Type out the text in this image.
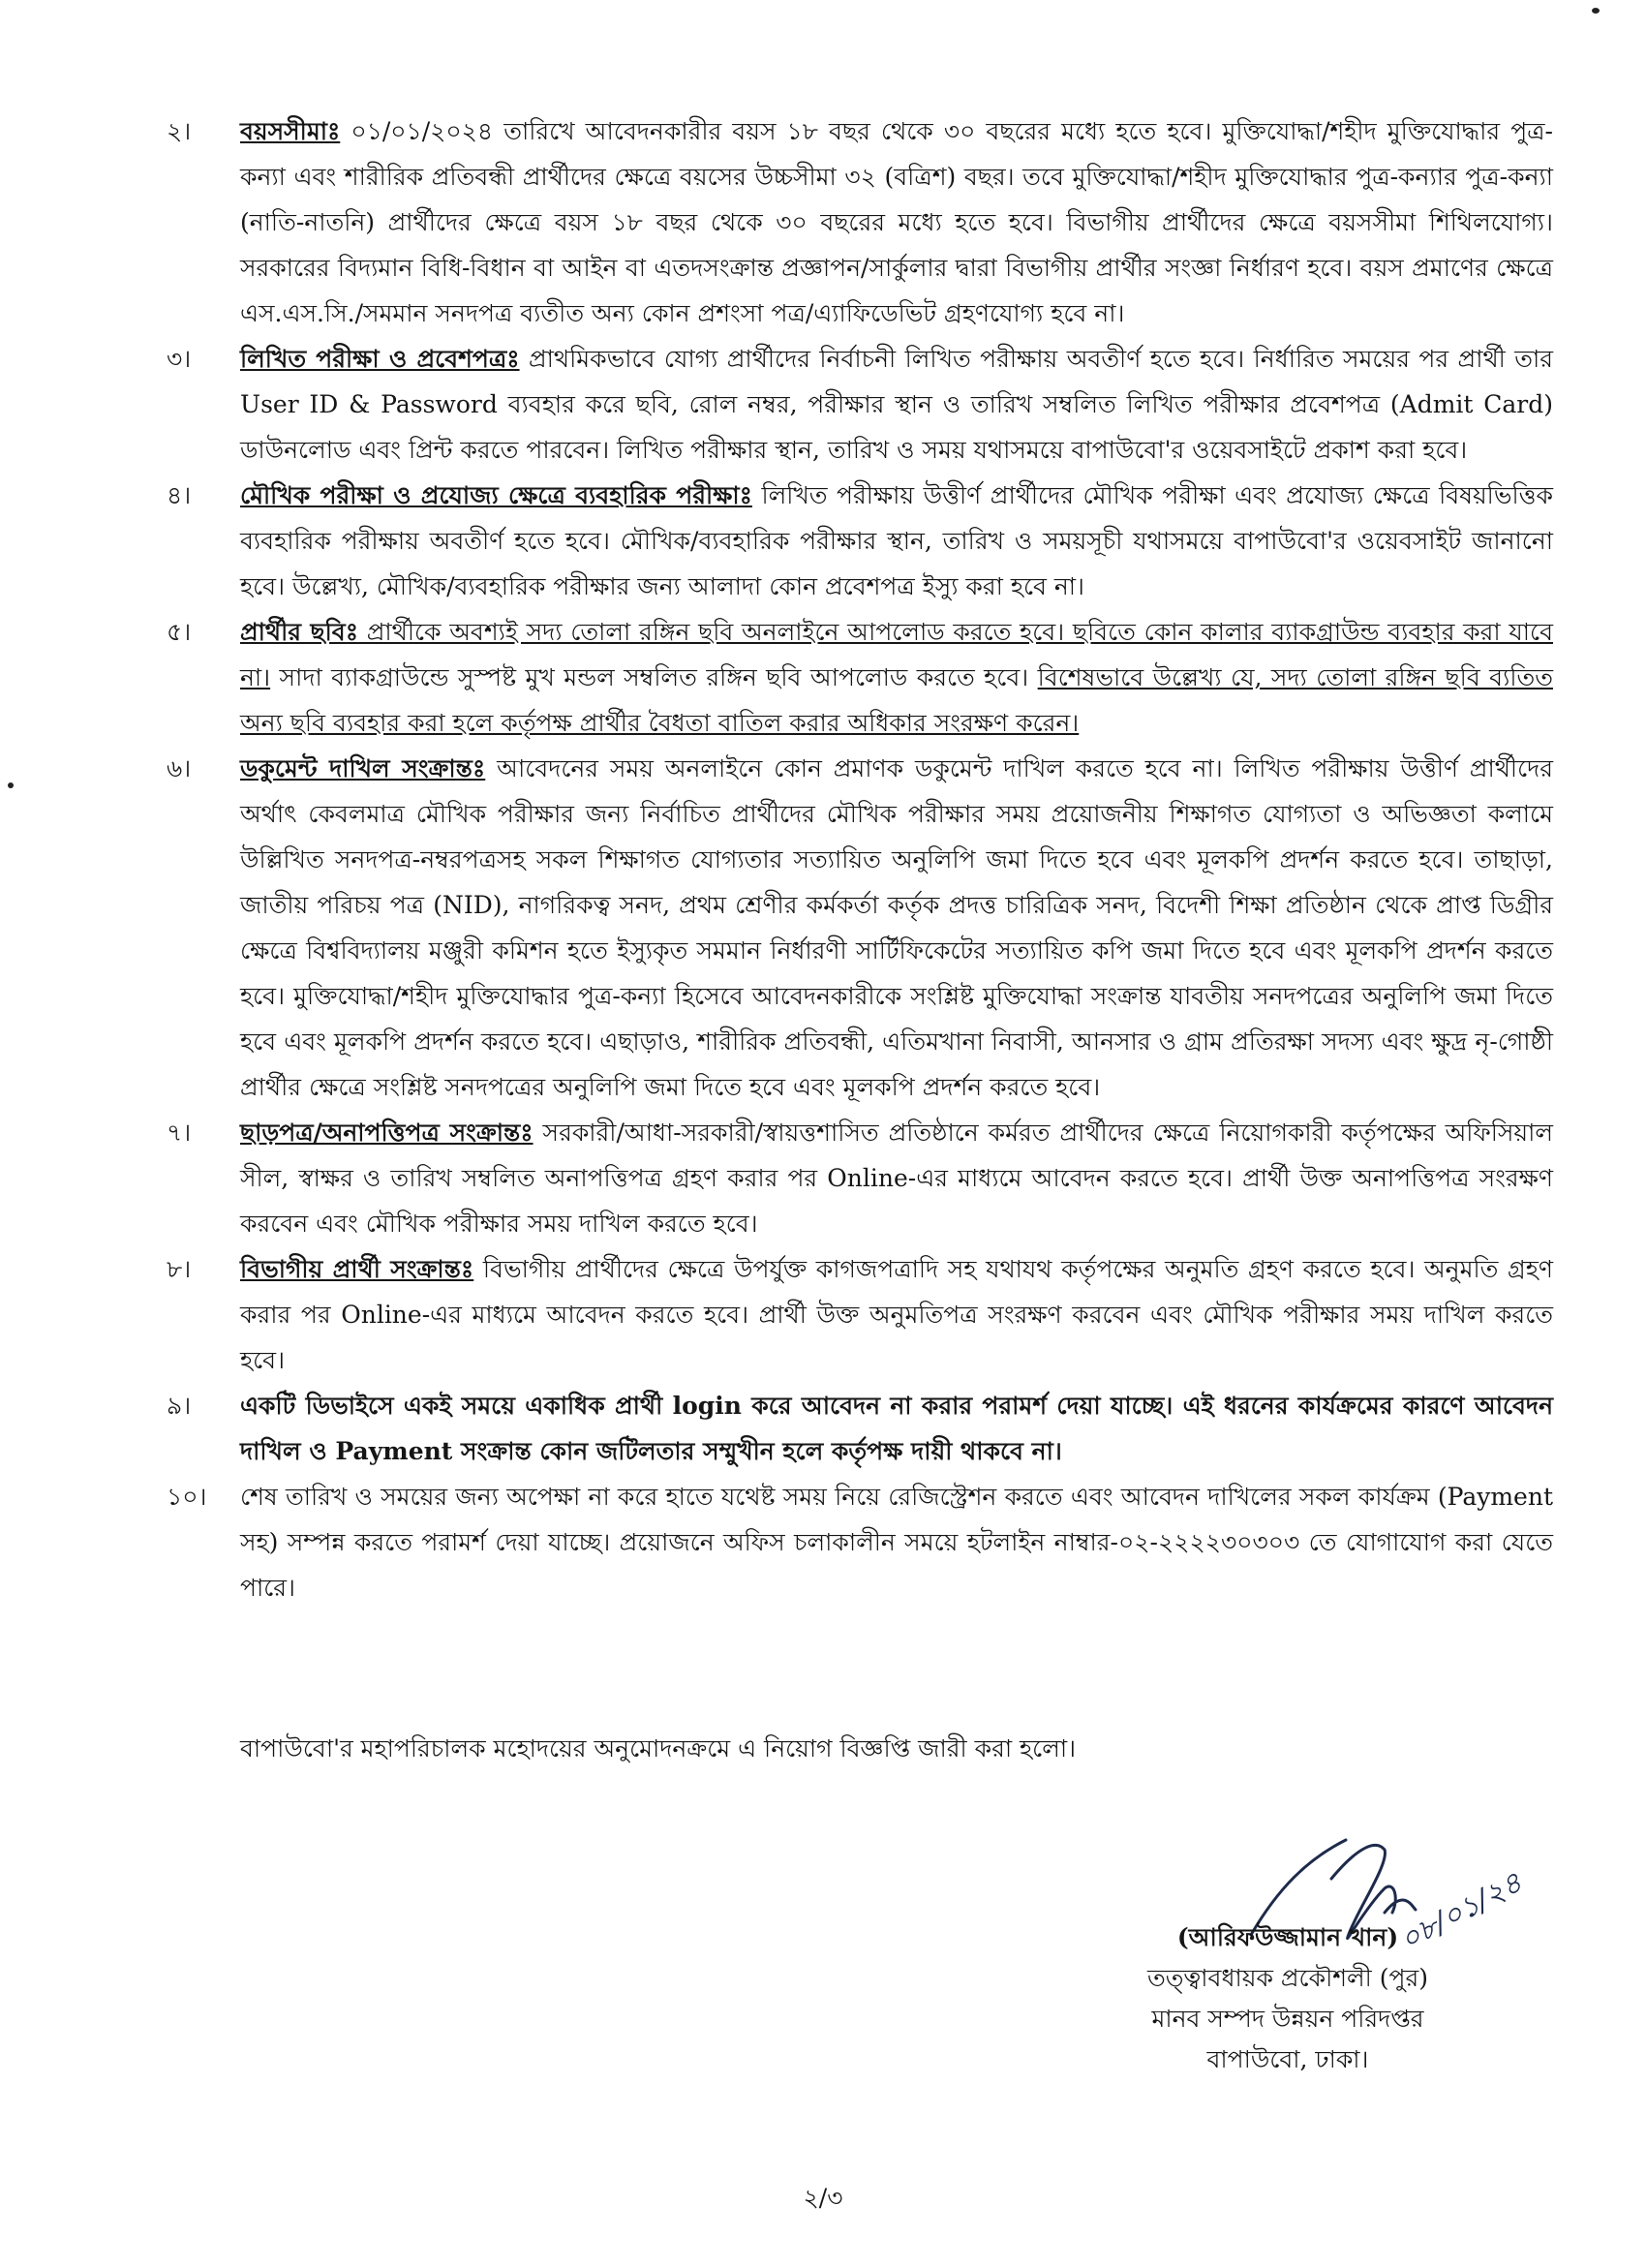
২।	বয়সসীমাঃ ০১/০১/২০২৪ তারিখে আবেদনকারীর বয়স ১৮ বছর থেকে ৩০ বছরের মধ্যে হতে হবে। মুক্তিযোদ্ধা/শহীদ মুক্তিযোদ্ধার পুত্র-কন্যা এবং শারীরিক প্রতিবন্ধী প্রার্থীদের ক্ষেত্রে বয়সের উচ্চসীমা ৩২ (বত্রিশ) বছর। তবে মুক্তিযোদ্ধা/শহীদ মুক্তিযোদ্ধার পুত্র-কন্যার পুত্র-কন্যা (নাতি-নাতনি) প্রার্থীদের ক্ষেত্রে বয়স ১৮ বছর থেকে ৩০ বছরের মধ্যে হতে হবে। বিভাগীয় প্রার্থীদের ক্ষেত্রে বয়সসীমা শিথিলযোগ্য। সরকারের বিদ্যমান বিধি-বিধান বা আইন বা এতদসংক্রান্ত প্রজ্ঞাপন/সার্কুলার দ্বারা বিভাগীয় প্রার্থীর সংজ্ঞা নির্ধারণ হবে। বয়স প্রমাণের ক্ষেত্রে এস.এস.সি./সমমান সনদপত্র ব্যতীত অন্য কোন প্রশংসা পত্র/এ্যাফিডেভিট গ্রহণযোগ্য হবে না।
৩।	লিখিত পরীক্ষা ও প্রবেশপত্রঃ প্রাথমিকভাবে যোগ্য প্রার্থীদের নির্বাচনী লিখিত পরীক্ষায় অবতীর্ণ হতে হবে। নির্ধারিত সময়ের পর প্রার্থী তার User ID & Password ব্যবহার করে ছবি, রোল নম্বর, পরীক্ষার স্থান ও তারিখ সম্বলিত লিখিত পরীক্ষার প্রবেশপত্র (Admit Card) ডাউনলোড এবং প্রিন্ট করতে পারবেন। লিখিত পরীক্ষার স্থান, তারিখ ও সময় যথাসময়ে বাপাউবো'র ওয়েবসাইটে প্রকাশ করা হবে।
৪।	মৌখিক পরীক্ষা ও প্রযোজ্য ক্ষেত্রে ব্যবহারিক পরীক্ষাঃ লিখিত পরীক্ষায় উত্তীর্ণ প্রার্থীদের মৌখিক পরীক্ষা এবং প্রযোজ্য ক্ষেত্রে বিষয়ভিত্তিক ব্যবহারিক পরীক্ষায় অবতীর্ণ হতে হবে। মৌখিক/ব্যবহারিক পরীক্ষার স্থান, তারিখ ও সময়সূচী যথাসময়ে বাপাউবো'র ওয়েবসাইট জানানো হবে। উল্লেখ্য, মৌখিক/ব্যবহারিক পরীক্ষার জন্য আলাদা কোন প্রবেশপত্র ইস্যু করা হবে না।
৫।	প্রার্থীর ছবিঃ প্রার্থীকে অবশ্যই সদ্য তোলা রঙ্গিন ছবি অনলাইনে আপলোড করতে হবে। ছবিতে কোন কালার ব্যাকগ্রাউন্ড ব্যবহার করা যাবে না। সাদা ব্যাকগ্রাউন্ডে সুস্পষ্ট মুখ মন্ডল সম্বলিত রঙ্গিন ছবি আপলোড করতে হবে। বিশেষভাবে উল্লেখ্য যে, সদ্য তোলা রঙ্গিন ছবি ব্যতিত অন্য ছবি ব্যবহার করা হলে কর্তৃপক্ষ প্রার্থীর বৈধতা বাতিল করার অধিকার সংরক্ষণ করেন।
৬।	ডকুমেন্ট দাখিল সংক্রান্তঃ আবেদনের সময় অনলাইনে কোন প্রমাণক ডকুমেন্ট দাখিল করতে হবে না। লিখিত পরীক্ষায় উত্তীর্ণ প্রার্থীদের অর্থাৎ কেবলমাত্র মৌখিক পরীক্ষার জন্য নির্বাচিত প্রার্থীদের মৌখিক পরীক্ষার সময় প্রয়োজনীয় শিক্ষাগত যোগ্যতা ও অভিজ্ঞতা কলামে উল্লিখিত সনদপত্র-নম্বরপত্রসহ সকল শিক্ষাগত যোগ্যতার সত্যায়িত অনুলিপি জমা দিতে হবে এবং মূলকপি প্রদর্শন করতে হবে। তাছাড়া, জাতীয় পরিচয় পত্র (NID), নাগরিকত্ব সনদ, প্রথম শ্রেণীর কর্মকর্তা কর্তৃক প্রদত্ত চারিত্রিক সনদ, বিদেশী শিক্ষা প্রতিষ্ঠান থেকে প্রাপ্ত ডিগ্রীর ক্ষেত্রে বিশ্ববিদ্যালয় মঞ্জুরী কমিশন হতে ইস্যুকৃত সমমান নির্ধারণী সার্টিফিকেটের সত্যায়িত কপি জমা দিতে হবে এবং মূলকপি প্রদর্শন করতে হবে। মুক্তিযোদ্ধা/শহীদ মুক্তিযোদ্ধার পুত্র-কন্যা হিসেবে আবেদনকারীকে সংশ্লিষ্ট মুক্তিযোদ্ধা সংক্রান্ত যাবতীয় সনদপত্রের অনুলিপি জমা দিতে হবে এবং মূলকপি প্রদর্শন করতে হবে। এছাড়াও, শারীরিক প্রতিবন্ধী, এতিমখানা নিবাসী, আনসার ও গ্রাম প্রতিরক্ষা সদস্য এবং ক্ষুদ্র নৃ-গোষ্ঠী প্রার্থীর ক্ষেত্রে সংশ্লিষ্ট সনদপত্রের অনুলিপি জমা দিতে হবে এবং মূলকপি প্রদর্শন করতে হবে।
৭।	ছাড়পত্র/অনাপত্তিপত্র সংক্রান্তঃ সরকারী/আধা-সরকারী/স্বায়ত্তশাসিত প্রতিষ্ঠানে কর্মরত প্রার্থীদের ক্ষেত্রে নিয়োগকারী কর্তৃপক্ষের অফিসিয়াল সীল, স্বাক্ষর ও তারিখ সম্বলিত অনাপত্তিপত্র গ্রহণ করার পর Online-এর মাধ্যমে আবেদন করতে হবে। প্রার্থী উক্ত অনাপত্তিপত্র সংরক্ষণ করবেন এবং মৌখিক পরীক্ষার সময় দাখিল করতে হবে।
৮।	বিভাগীয় প্রার্থী সংক্রান্তঃ বিভাগীয় প্রার্থীদের ক্ষেত্রে উপর্যুক্ত কাগজপত্রাদি সহ যথাযথ কর্তৃপক্ষের অনুমতি গ্রহণ করতে হবে। অনুমতি গ্রহণ করার পর Online-এর মাধ্যমে আবেদন করতে হবে। প্রার্থী উক্ত অনুমতিপত্র সংরক্ষণ করবেন এবং মৌখিক পরীক্ষার সময় দাখিল করতে হবে।
৯।	একটি ডিভাইসে একই সময়ে একাধিক প্রার্থী login করে আবেদন না করার পরামর্শ দেয়া যাচ্ছে। এই ধরনের কার্যক্রমের কারণে আবেদন দাখিল ও Payment সংক্রান্ত কোন জটিলতার সম্মুখীন হলে কর্তৃপক্ষ দায়ী থাকবে না।
১০।	শেষ তারিখ ও সময়ের জন্য অপেক্ষা না করে হাতে যথেষ্ট সময় নিয়ে রেজিস্ট্রেশন করতে এবং আবেদন দাখিলের সকল কার্যক্রম (Payment সহ) সম্পন্ন করতে পরামর্শ দেয়া যাচ্ছে। প্রয়োজনে অফিস চলাকালীন সময়ে হটলাইন নাম্বার-০২-২২২২৩০৩০৩ তে যোগাযোগ করা যেতে পারে।
বাপাউবো'র মহাপরিচালক মহোদয়ের অনুমোদনক্রমে এ নিয়োগ বিজ্ঞপ্তি জারী করা হলো।
০৮/০১/২৪
(আরিফউজ্জামান খান)
তত্ত্বাবধায়ক প্রকৌশলী (পুর)
মানব সম্পদ উন্নয়ন পরিদপ্তর
বাপাউবো, ঢাকা।
২/৩
